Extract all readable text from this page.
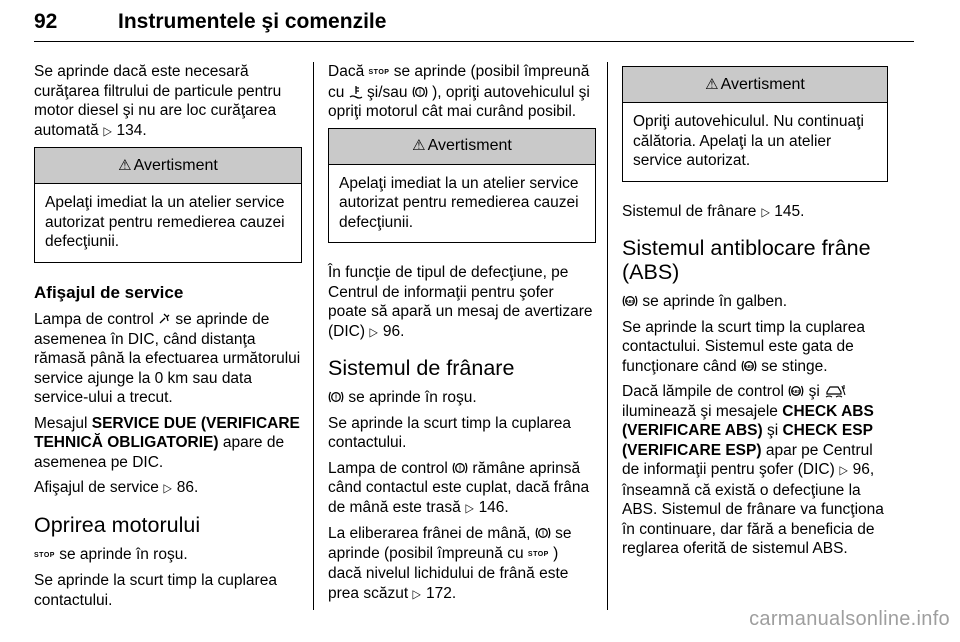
92	Instrumentele şi comenzile

Se aprinde dacă este necesară curăţarea filtrului de particule pentru motor diesel şi nu are loc curăţarea automată ▷ 134.

⚠ Avertisment
Apelaţi imediat la un atelier service autorizat pentru remedierea cauzei defecţiunii.
Afişajul de service

Lampa de control se aprinde de asemenea în DIC, când distanţa rămasă până la efectuarea următorului service ajunge la 0 km sau data service-ului a trecut.

Mesajul SERVICE DUE (VERIFICARE TEHNICĂ OBLIGATORIE) apare de asemenea pe DIC.

Afişajul de service ▷ 86.

Oprirea motorului

STOP se aprinde în roşu.

Se aprinde la scurt timp la cuplarea contactului.

Dacă STOP se aprinde (posibil împreună cu şi/sau ! ), opriţi autovehiculul şi opriţi motorul cât mai curând posibil.

⚠ Avertisment
Apelaţi imediat la un atelier service autorizat pentru remedierea cauzei defecţiunii.

În funcţie de tipul de defecţiune, pe Centrul de informaţii pentru şofer poate să apară un mesaj de avertizare (DIC) ▷ 96.

Sistemul de frânare

! se aprinde în roşu.

Se aprinde la scurt timp la cuplarea contactului.

Lampa de control ! rămâne aprinsă când contactul este cuplat, dacă frâna de mână este trasă ▷ 146.

La eliberarea frânei de mână, ! se aprinde (posibil împreună cu STOP ) dacă nivelul lichidului de frână este prea scăzut ▷ 172.

⚠ Avertisment
Opriţi autovehiculul. Nu continuaţi călătoria. Apelaţi la un atelier service autorizat.

Sistemul de frânare ▷ 145.

Sistemul antiblocare frâne (ABS)

ABS se aprinde în galben.

Se aprinde la scurt timp la cuplarea contactului. Sistemul este gata de funcţionare când ABS se stinge.

Dacă lămpile de control ABS şi  iluminează şi mesajele CHECK ABS (VERIFICARE ABS) şi CHECK ESP (VERIFICARE ESP) apar pe Centrul de informaţii pentru şofer (DIC) ▷ 96, înseamnă că există o defecţiune la ABS. Sistemul de frânare va funcţiona în continuare, dar fără a beneficia de reglarea oferită de sistemul ABS.

carmanualsonline.info
